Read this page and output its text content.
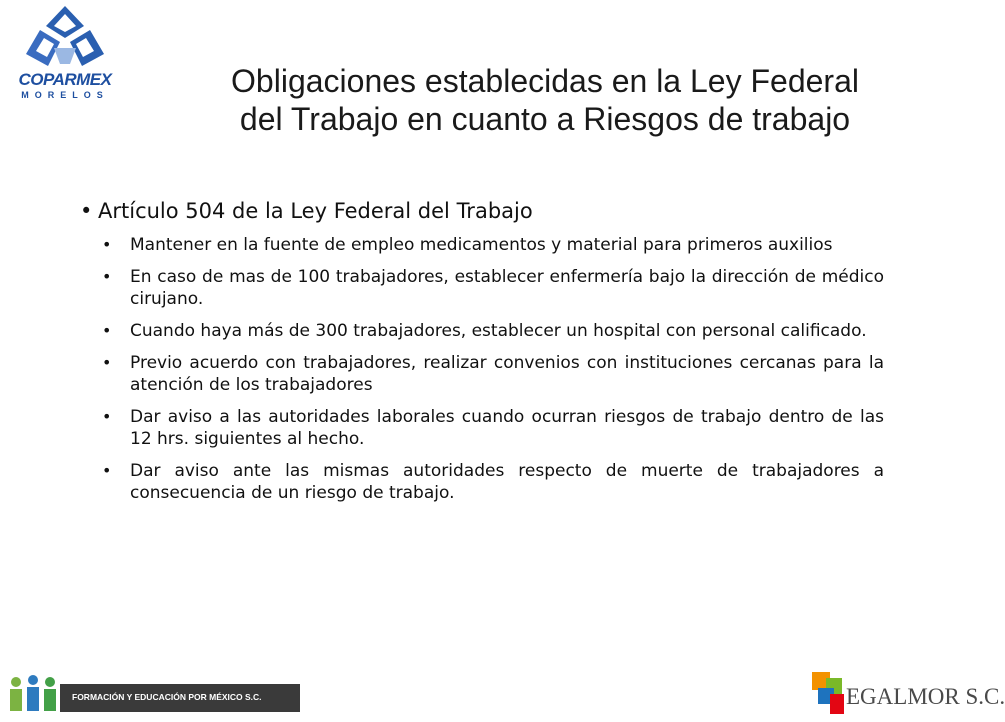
COPARMEX
MORELOS	Obligaciones establecidas en la Ley Federal
del Trabajo en cuanto a Riesgos de trabajo
• Artículo 504 de la Ley Federal del Trabajo
• Mantener en la fuente de empleo medicamentos y material para primeros auxilios
• En caso de mas de 100 trabajadores, establecer enfermería bajo la dirección de médico cirujano.
• Cuando haya más de 300 trabajadores, establecer un hospital con personal calificado.
• Previo acuerdo con trabajadores, realizar convenios con instituciones cercanas para la atención de los trabajadores
• Dar aviso a las autoridades laborales cuando ocurran riesgos de trabajo dentro de las 12 hrs. siguientes al hecho.
• Dar aviso ante las mismas autoridades respecto de muerte de trabajadores a consecuencia de un riesgo de trabajo.
FORMACIÓN Y EDUCACIÓN POR MÉXICO S.C.	EGALMOR S.C.
